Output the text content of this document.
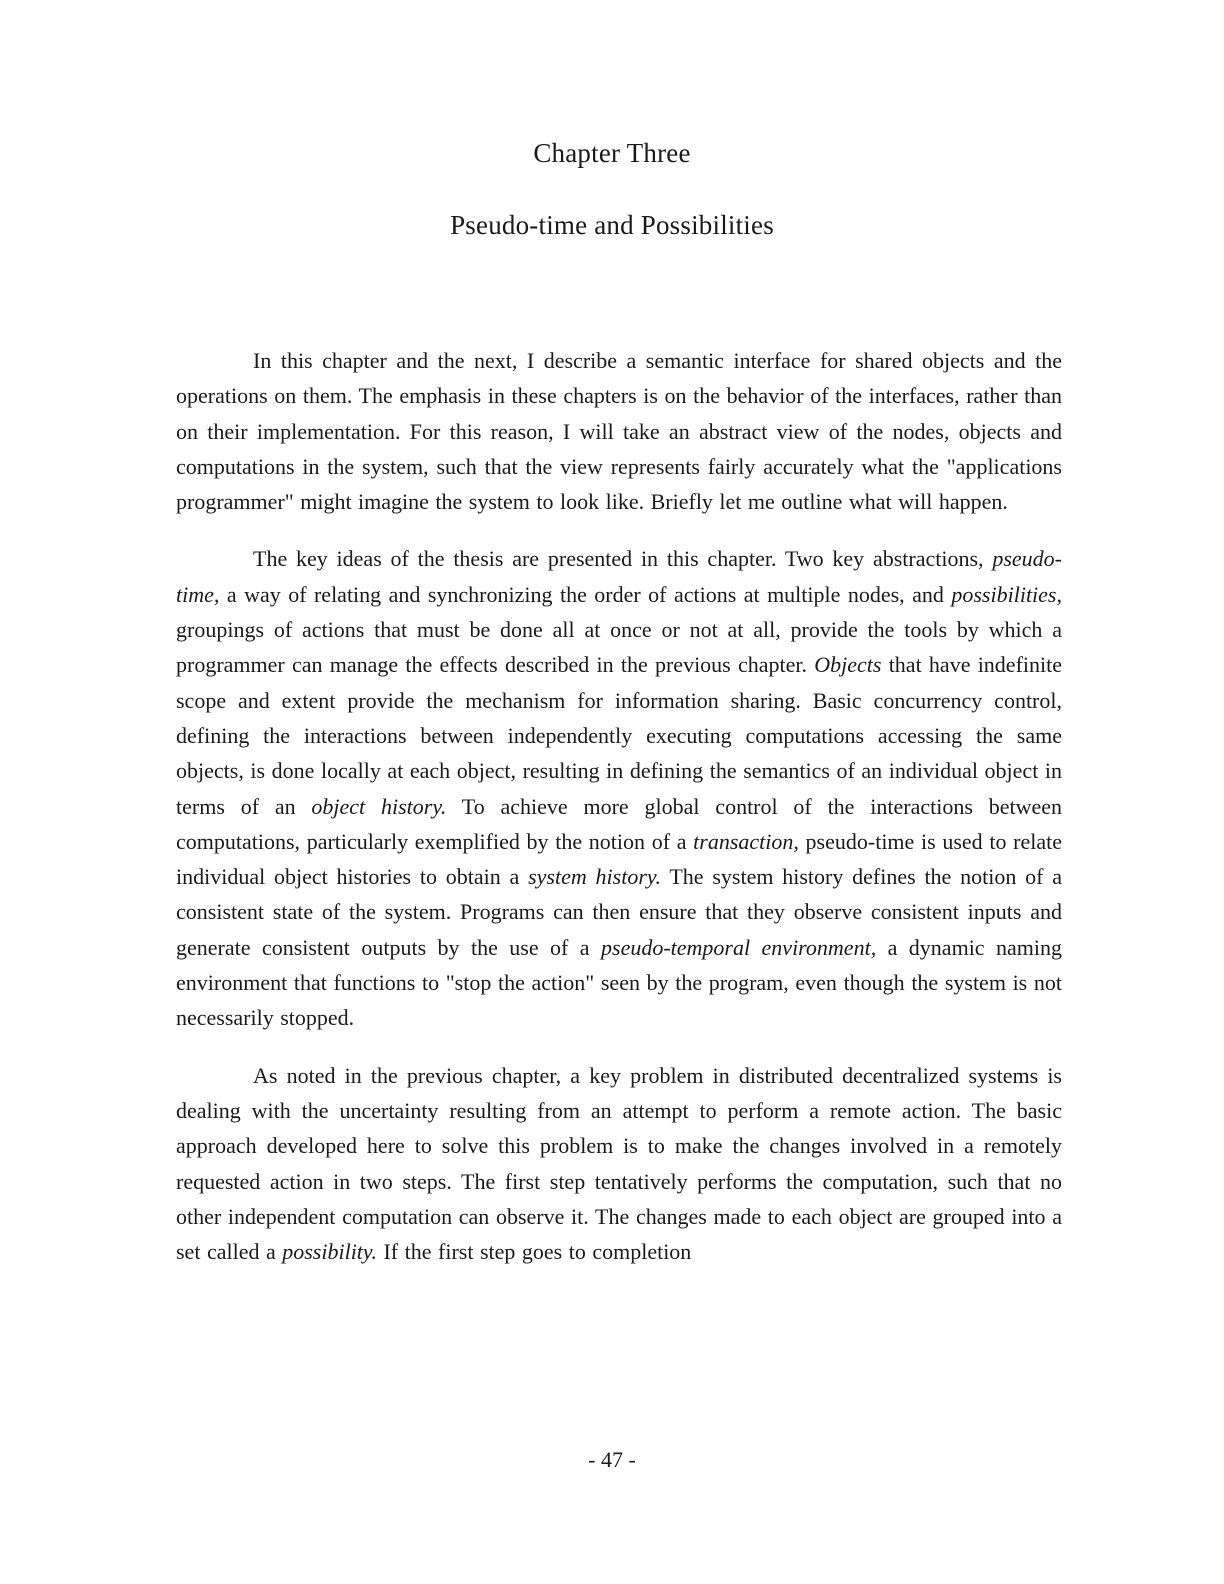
Chapter Three
Pseudo-time and Possibilities

In this chapter and the next, I describe a semantic interface for shared objects and the operations on them. The emphasis in these chapters is on the behavior of the interfaces, rather than on their implementation. For this reason, I will take an abstract view of the nodes, objects and computations in the system, such that the view represents fairly accurately what the "applications programmer" might imagine the system to look like. Briefly let me outline what will happen.

The key ideas of the thesis are presented in this chapter. Two key abstractions, pseudo-time, a way of relating and synchronizing the order of actions at multiple nodes, and possibilities, groupings of actions that must be done all at once or not at all, provide the tools by which a programmer can manage the effects described in the previous chapter. Objects that have indefinite scope and extent provide the mechanism for information sharing. Basic concurrency control, defining the interactions between independently executing computations accessing the same objects, is done locally at each object, resulting in defining the semantics of an individual object in terms of an object history. To achieve more global control of the interactions between computations, particularly exemplified by the notion of a transaction, pseudo-time is used to relate individual object histories to obtain a system history. The system history defines the notion of a consistent state of the system. Programs can then ensure that they observe consistent inputs and generate consistent outputs by the use of a pseudo-temporal environment, a dynamic naming environment that functions to "stop the action" seen by the program, even though the system is not necessarily stopped.

As noted in the previous chapter, a key problem in distributed decentralized systems is dealing with the uncertainty resulting from an attempt to perform a remote action. The basic approach developed here to solve this problem is to make the changes involved in a remotely requested action in two steps. The first step tentatively performs the computation, such that no other independent computation can observe it. The changes made to each object are grouped into a set called a possibility. If the first step goes to completion

- 47 -
